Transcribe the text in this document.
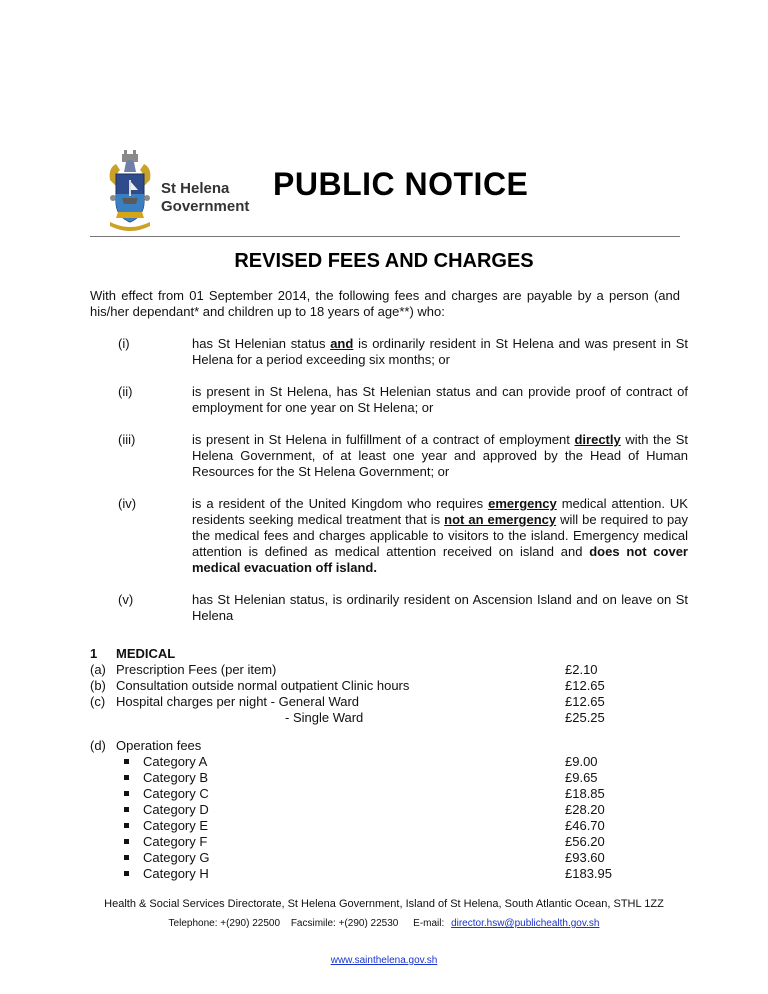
St Helena
Government
PUBLIC NOTICE
REVISED FEES AND CHARGES
With effect from 01 September 2014, the following fees and charges are payable by a person (and his/her dependant* and children up to 18 years of age**) who:
(i)	has St Helenian status and is ordinarily resident in St Helena and was present in St Helena for a period exceeding six months; or
(ii)	is present in St Helena, has St Helenian status and can provide proof of contract of employment for one year on St Helena; or
(iii)	is present in St Helena in fulfillment of a contract of employment directly with the St Helena Government, of at least one year and approved by the Head of Human Resources for the St Helena Government; or
(iv)	is a resident of the United Kingdom who requires emergency medical attention. UK residents seeking medical treatment that is not an emergency will be required to pay the medical fees and charges applicable to visitors to the island. Emergency medical attention is defined as medical attention received on island and does not cover medical evacuation off island.
(v)	has St Helenian status, is ordinarily resident on Ascension Island and on leave on St Helena
1 MEDICAL
(a) Prescription Fees (per item)	£2.10
(b) Consultation outside normal outpatient Clinic hours	£12.65
(c) Hospital charges per night - General Ward	£12.65
- Single Ward	£25.25
(d) Operation fees
Category A	£9.00
Category B	£9.65
Category C	£18.85
Category D	£28.20
Category E	£46.70
Category F	£56.20
Category G	£93.60
Category H	£183.95
Health & Social Services Directorate, St Helena Government, Island of St Helena, South Atlantic Ocean, STHL 1ZZ
Telephone: +(290) 22500 Facsimile: +(290) 22530 E-mail: director.hsw@publichealth.gov.sh
www.sainthelena.gov.sh
